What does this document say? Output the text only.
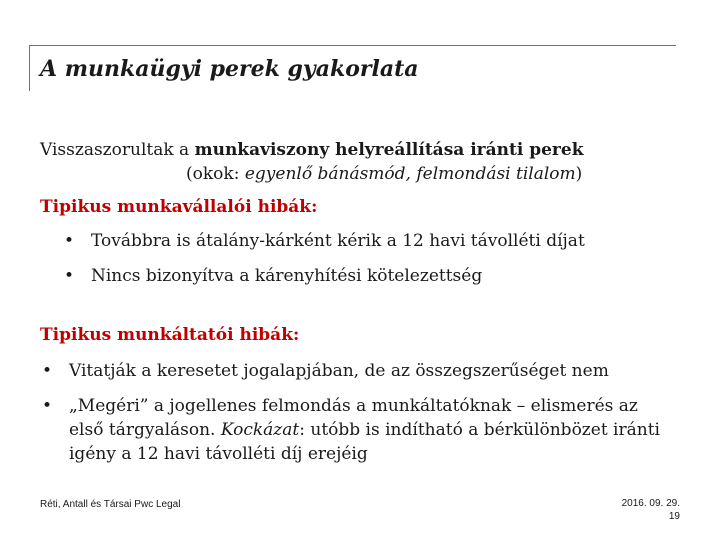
A munkaügyi perek gyakorlata
Visszaszorultak a munkaviszony helyreállítása iránti perek
(okok: egyenlő bánásmód, felmondási tilalom)
Tipikus munkavállalói hibák:
• Továbbra is átalány-kárként kérik a 12 havi távolléti díjat
• Nincs bizonyítva a kárenyhítési kötelezettség
Tipikus munkáltatói hibák:
• Vitatják a keresetet jogalapjában, de az összegszerűséget nem
• „Megéri” a jogellenes felmondás a munkáltatóknak – elismerés az
első tárgyaláson. Kockázat: utóbb is indítható a bérkülönbözet iránti
igény a 12 havi távolléti díj erejéig
Réti, Antall és Társai Pwc Legal	2016. 09. 29.
19
